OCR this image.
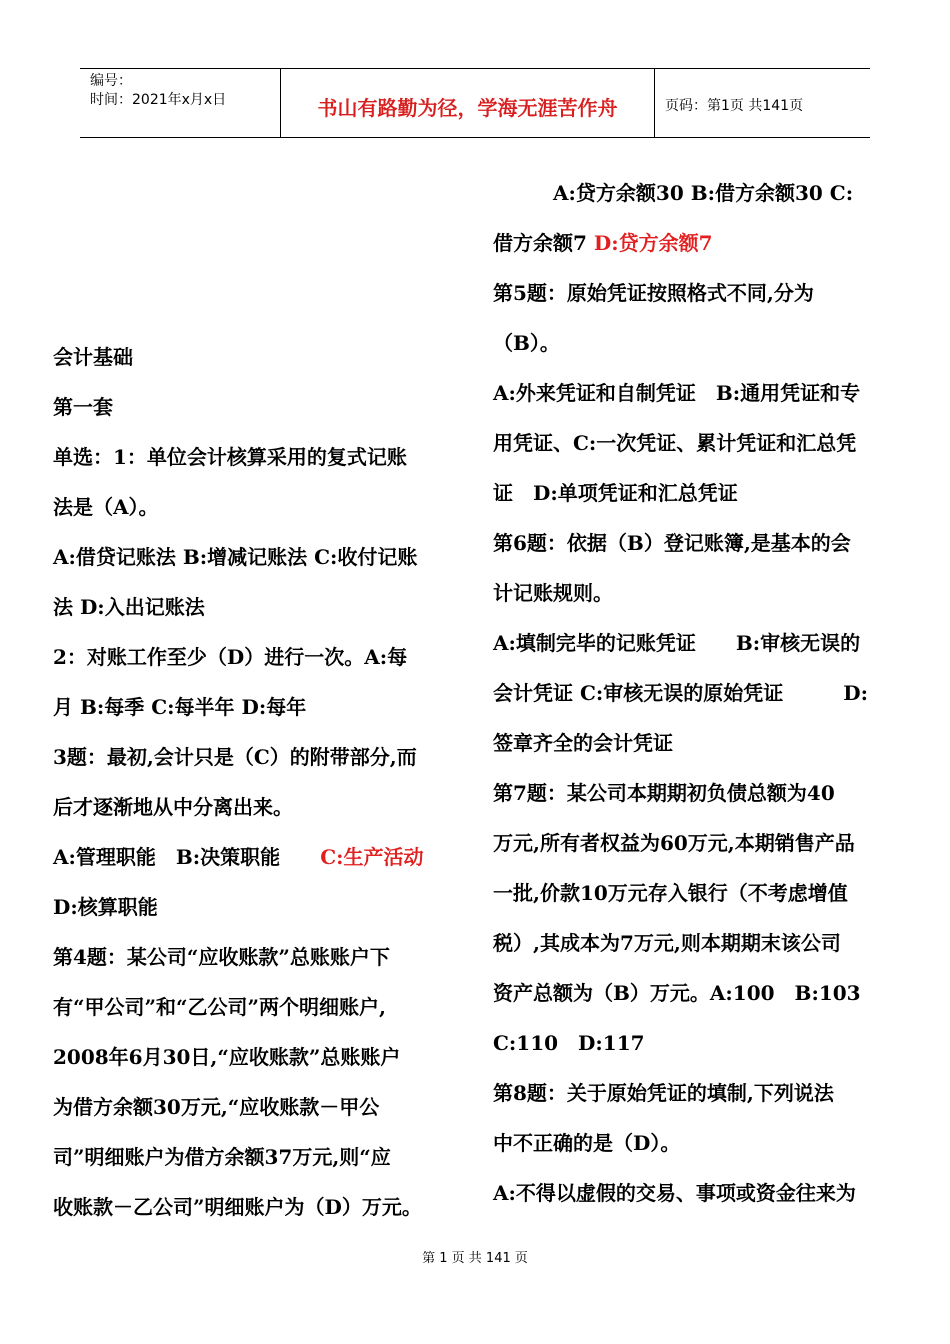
编号：
时间：2021年x月x日	书山有路勤为径，学海无涯苦作舟	页码：第1页 共141页
会计基础
第一套
单选：1：单位会计核算采用的复式记账
法是（A）。
A:借贷记账法 B:增减记账法 C:收付记账
法 D:入出记账法
2：对账工作至少（D）进行一次。A:每
月 B:每季 C:每半年 D:每年
3题：最初,会计只是（C）的附带部分,而
后才逐渐地从中分离出来。
A:管理职能　B:决策职能　　C:生产活动
D:核算职能
第4题：某公司“应收账款”总账账户下
有“甲公司”和“乙公司”两个明细账户,
2008年6月30日,“应收账款”总账账户
为借方余额30万元,“应收账款－甲公
司”明细账户为借方余额37万元,则“应
收账款－乙公司”明细账户为（D）万元。
A:贷方余额30 B:借方余额30 C:
借方余额7 D:贷方余额7
第5题：原始凭证按照格式不同,分为
（B）。
A:外来凭证和自制凭证　B:通用凭证和专
用凭证、C:一次凭证、累计凭证和汇总凭
证　D:单项凭证和汇总凭证
第6题：依据（B）登记账簿,是基本的会
计记账规则。
A:填制完毕的记账凭证　　B:审核无误的
会计凭证 C:审核无误的原始凭证　　　D:
签章齐全的会计凭证
第7题：某公司本期期初负债总额为40
万元,所有者权益为60万元,本期销售产品
一批,价款10万元存入银行（不考虑增值
税）,其成本为7万元,则本期期末该公司
资产总额为（B）万元。A:100　B:103
C:110　D:117
第8题：关于原始凭证的填制,下列说法
中不正确的是（D）。
A:不得以虚假的交易、事项或资金往来为
第 1 页 共 141 页
